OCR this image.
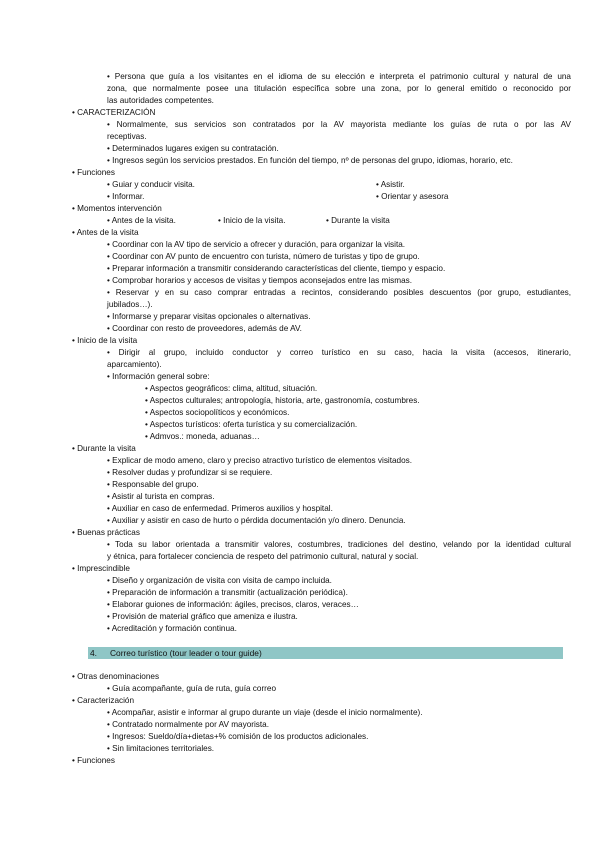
• Persona que guía a los visitantes en el idioma de su elección e interpreta el patrimonio cultural y natural de una
zona, que normalmente posee una titulación específica sobre una zona, por lo general emitido o reconocido por
las autoridades competentes.
• CARACTERIZACIÓN
• Normalmente, sus servicios son contratados por la AV mayorista mediante los guías de ruta o por las AV
receptivas.
• Determinados lugares exigen su contratación.
• Ingresos según los servicios prestados. En función del tiempo, nº de personas del grupo, idiomas, horario, etc.
• Funciones
• Guiar y conducir visita.	• Asistir.
• Informar.	• Orientar y asesora
• Momentos intervención
• Antes de la visita.	• Inicio de la visita.	• Durante la visita
• Antes de la visita
• Coordinar con la AV tipo de servicio a ofrecer y duración, para organizar la visita.
• Coordinar con AV punto de encuentro con turista, número de turistas y tipo de grupo.
• Preparar información a transmitir considerando características del cliente, tiempo y espacio.
• Comprobar horarios y accesos de visitas y tiempos aconsejados entre las mismas.
• Reservar y en su caso comprar entradas a recintos, considerando posibles descuentos (por grupo, estudiantes,
jubilados…).
• Informarse y preparar visitas opcionales o alternativas.
• Coordinar con resto de proveedores, además de AV.
• Inicio de la visita
• Dirigir al grupo, incluido conductor y correo turístico en su caso, hacia la visita (accesos, itinerario,
aparcamiento).
• Información general sobre:
• Aspectos geográficos: clima, altitud, situación.
• Aspectos culturales; antropología, historia, arte, gastronomía, costumbres.
• Aspectos sociopolíticos y económicos.
• Aspectos turísticos: oferta turística y su comercialización.
• Admvos.: moneda, aduanas…
• Durante la visita
• Explicar de modo ameno, claro y preciso atractivo turístico de elementos visitados.
• Resolver dudas y profundizar si se requiere.
• Responsable del grupo.
• Asistir al turista en compras.
• Auxiliar en caso de enfermedad. Primeros auxilios y hospital.
• Auxiliar y asistir en caso de hurto o pérdida documentación y/o dinero. Denuncia.
• Buenas prácticas
• Toda su labor orientada a transmitir valores, costumbres, tradiciones del destino, velando por la identidad cultural
y étnica, para fortalecer conciencia de respeto del patrimonio cultural, natural y social.
• Imprescindible
• Diseño y organización de visita con visita de campo incluida.
• Preparación de información a transmitir (actualización periódica).
• Elaborar guiones de información: ágiles, precisos, claros, veraces…
• Provisión de material gráfico que ameniza e ilustra.
• Acreditación y formación continua.
4. Correo turístico (tour leader o tour guide)
• Otras denominaciones
• Guía acompañante, guía de ruta, guía correo
• Caracterización
• Acompañar, asistir e informar al grupo durante un viaje (desde el inicio normalmente).
• Contratado normalmente por AV mayorista.
• Ingresos: Sueldo/día+dietas+% comisión de los productos adicionales.
• Sin limitaciones territoriales.
• Funciones
